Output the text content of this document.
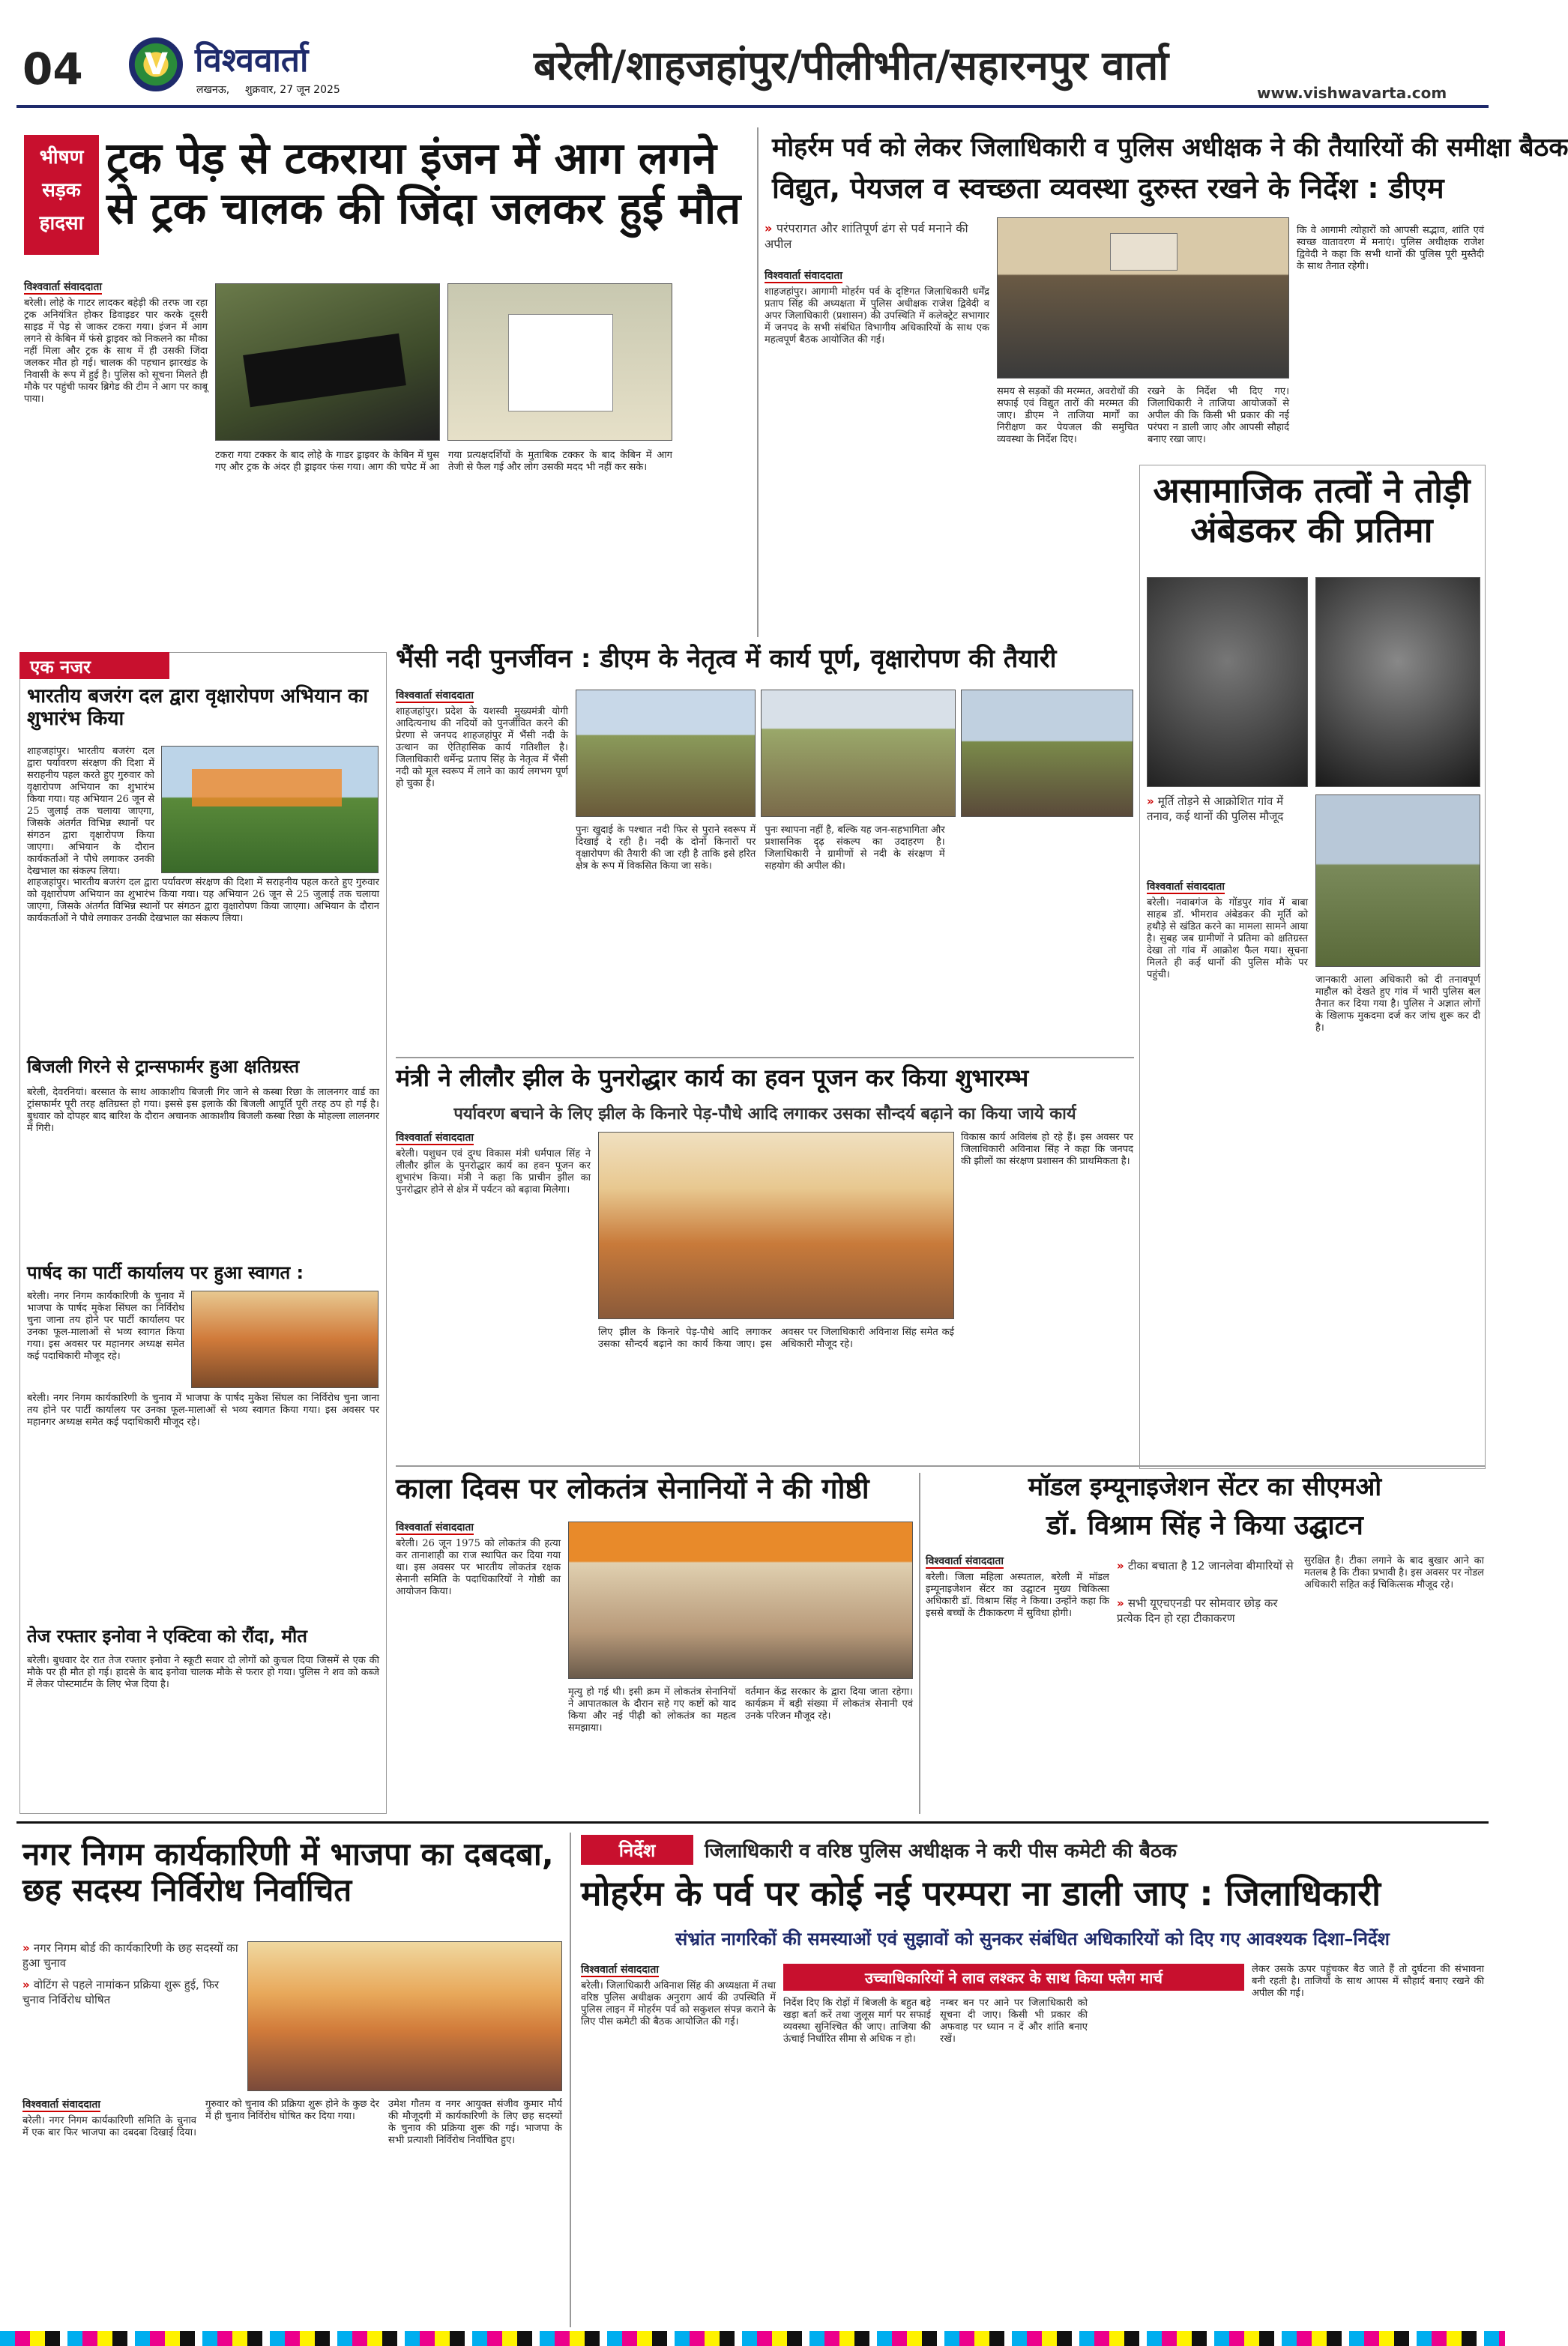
04 V विश्ववार्ता
लखनऊ, शुक्रवार, 27 जून 2025
बरेली/शाहजहांपुर/पीलीभीत/सहारनपुर वार्ता
www.vishwavarta.com
भीषण
सड़क
हादसा
ट्रक पेड़ से टकराया इंजन में आग लगने से ट्रक चालक की जिंदा जलकर हुई मौत
विश्ववार्ता संवाददाता

बरेली। लोहे के गाटर लादकर बहेड़ी की तरफ जा रहा ट्रक अनियंत्रित होकर डिवाइडर पार करके दूसरी साइड में पेड़ से जाकर टकरा गया। इंजन में आग लगने से केबिन में फंसे ड्राइवर को निकलने का मौका नहीं मिला और ट्रक के साथ में ही उसकी जिंदा जलकर मौत हो गई। चालक की पहचान झारखंड के निवासी के रूप में हुई है। पुलिस को सूचना मिलते ही मौके पर पहुंची फायर ब्रिगेड की टीम ने आग पर काबू पाया।

टकरा गया टक्कर के बाद लोहे के गाडर ड्राइवर के केबिन में घुस गए और ट्रक के अंदर ही ड्राइवर फंस गया। आग की चपेट में आ गया प्रत्यक्षदर्शियों के मुताबिक टक्कर के बाद केबिन में आग तेजी से फैल गई और लोग उसकी मदद भी नहीं कर सके।

मोहर्रम पर्व को लेकर जिलाधिकारी व पुलिस अधीक्षक ने की तैयारियों की समीक्षा बैठक
विद्युत, पेयजल व स्वच्छता व्यवस्था दुरुस्त रखने के निर्देश : डीएम
» परंपरागत और शांतिपूर्ण ढंग से पर्व मनाने की अपील
विश्ववार्ता संवाददाता

शाहजहांपुर। आगामी मोहर्रम पर्व के दृष्टिगत जिलाधिकारी धर्मेंद्र प्रताप सिंह की अध्यक्षता में पुलिस अधीक्षक राजेश द्विवेदी व अपर जिलाधिकारी (प्रशासन) की उपस्थिति में कलेक्ट्रेट सभागार में जनपद के सभी संबंधित विभागीय अधिकारियों के साथ एक महत्वपूर्ण बैठक आयोजित की गई।

समय से सड़कों की मरम्मत, अवरोधों की सफाई एवं विद्युत तारों की मरम्मत की जाए। डीएम ने ताजिया मार्गों का निरीक्षण कर पेयजल की समुचित व्यवस्था के निर्देश दिए।

रखने के निर्देश भी दिए गए। जिलाधिकारी ने ताजिया आयोजकों से अपील की कि किसी भी प्रकार की नई परंपरा न डाली जाए और आपसी सौहार्द बनाए रखा जाए।

कि वे आगामी त्योहारों को आपसी सद्भाव, शांति एवं स्वच्छ वातावरण में मनाएं। पुलिस अधीक्षक राजेश द्विवेदी ने कहा कि सभी थानों की पुलिस पूरी मुस्तैदी के साथ तैनात रहेगी।

असामाजिक तत्वों ने तोड़ी अंबेडकर की प्रतिमा
» मूर्ति तोड़ने से आक्रोशित गांव में तनाव, कई थानों की पुलिस मौजूद
विश्ववार्ता संवाददाता

बरेली। नवाबगंज के गोंडपुर गांव में बाबा साहब डॉ. भीमराव अंबेडकर की मूर्ति को हथौड़े से खंडित करने का मामला सामने आया है। सुबह जब ग्रामीणों ने प्रतिमा को क्षतिग्रस्त देखा तो गांव में आक्रोश फैल गया। सूचना मिलते ही कई थानों की पुलिस मौके पर पहुंची।	जानकारी आला अधिकारी को दी तनावपूर्ण माहौल को देखते हुए गांव में भारी पुलिस बल तैनात कर दिया गया है। पुलिस ने अज्ञात लोगों के खिलाफ मुकदमा दर्ज कर जांच शुरू कर दी है।

एक नजर
भारतीय बजरंग दल द्वारा वृक्षारोपण अभियान का शुभारंभ किया

शाहजहांपुर। भारतीय बजरंग दल द्वारा पर्यावरण संरक्षण की दिशा में सराहनीय पहल करते हुए गुरुवार को वृक्षारोपण अभियान का शुभारंभ किया गया। यह अभियान 26 जून से 25 जुलाई तक चलाया जाएगा, जिसके अंतर्गत विभिन्न स्थानों पर संगठन द्वारा वृक्षारोपण किया जाएगा। अभियान के दौरान कार्यकर्ताओं ने पौधे लगाकर उनकी देखभाल का संकल्प लिया।

शाहजहांपुर। भारतीय बजरंग दल द्वारा पर्यावरण संरक्षण की दिशा में सराहनीय पहल करते हुए गुरुवार को वृक्षारोपण अभियान का शुभारंभ किया गया। यह अभियान 26 जून से 25 जुलाई तक चलाया जाएगा, जिसके अंतर्गत विभिन्न स्थानों पर संगठन द्वारा वृक्षारोपण किया जाएगा। अभियान के दौरान कार्यकर्ताओं ने पौधे लगाकर उनकी देखभाल का संकल्प लिया।

बिजली गिरने से ट्रान्सफार्मर हुआ क्षतिग्रस्त

बरेली, देवरनियां। बरसात के साथ आकाशीय बिजली गिर जाने से कस्बा रिछा के लालनगर वार्ड का ट्रांसफार्मर पूरी तरह क्षतिग्रस्त हो गया। इससे इस इलाके की बिजली आपूर्ति पूरी तरह ठप हो गई है। बुधवार को दोपहर बाद बारिश के दौरान अचानक आकाशीय बिजली कस्बा रिछा के मोहल्ला लालनगर में गिरी।

पार्षद का पार्टी कार्यालय पर हुआ स्वागत :

बरेली। नगर निगम कार्यकारिणी के चुनाव में भाजपा के पार्षद मुकेश सिंघल का निर्विरोध चुना जाना तय होने पर पार्टी कार्यालय पर उनका फूल-मालाओं से भव्य स्वागत किया गया। इस अवसर पर महानगर अध्यक्ष समेत कई पदाधिकारी मौजूद रहे।

बरेली। नगर निगम कार्यकारिणी के चुनाव में भाजपा के पार्षद मुकेश सिंघल का निर्विरोध चुना जाना तय होने पर पार्टी कार्यालय पर उनका फूल-मालाओं से भव्य स्वागत किया गया। इस अवसर पर महानगर अध्यक्ष समेत कई पदाधिकारी मौजूद रहे।

तेज रफ्तार इनोवा ने एक्टिवा को रौंदा, मौत

बरेली। बुधवार देर रात तेज रफ्तार इनोवा ने स्कूटी सवार दो लोगों को कुचल दिया जिसमें से एक की मौके पर ही मौत हो गई। हादसे के बाद इनोवा चालक मौके से फरार हो गया। पुलिस ने शव को कब्जे में लेकर पोस्टमार्टम के लिए भेज दिया है।

भैंसी नदी पुनर्जीवन : डीएम के नेतृत्व में कार्य पूर्ण, वृक्षारोपण की तैयारी
विश्ववार्ता संवाददाता

शाहजहांपुर। प्रदेश के यशस्वी मुख्यमंत्री योगी आदित्यनाथ की नदियों को पुनर्जीवित करने की प्रेरणा से जनपद शाहजहांपुर में भैंसी नदी के उत्थान का ऐतिहासिक कार्य गतिशील है। जिलाधिकारी धर्मेन्द्र प्रताप सिंह के नेतृत्व में भैंसी नदी को मूल स्वरूप में लाने का कार्य लगभग पूर्ण हो चुका है।

पुनः खुदाई के पश्चात नदी फिर से पुराने स्वरूप में दिखाई दे रही है। नदी के दोनों किनारों पर वृक्षारोपण की तैयारी की जा रही है ताकि इसे हरित क्षेत्र के रूप में विकसित किया जा सके।

पुनः स्थापना नहीं है, बल्कि यह जन-सहभागिता और प्रशासनिक दृढ़ संकल्प का उदाहरण है। जिलाधिकारी ने ग्रामीणों से नदी के संरक्षण में सहयोग की अपील की।

मंत्री ने लीलौर झील के पुनरोद्धार कार्य का हवन पूजन कर किया शुभारम्भ
पर्यावरण बचाने के लिए झील के किनारे पेड़-पौधे आदि लगाकर उसका सौन्दर्य बढ़ाने का किया जाये कार्य
विश्ववार्ता संवाददाता

बरेली। पशुधन एवं दुग्ध विकास मंत्री धर्मपाल सिंह ने लीलौर झील के पुनरोद्धार कार्य का हवन पूजन कर शुभारंभ किया। मंत्री ने कहा कि प्राचीन झील का पुनरोद्धार होने से क्षेत्र में पर्यटन को बढ़ावा मिलेगा।

लिए झील के किनारे पेड़-पौधे आदि लगाकर उसका सौन्दर्य बढ़ाने का कार्य किया जाए। इस अवसर पर जिलाधिकारी अविनाश सिंह समेत कई अधिकारी मौजूद रहे।

विकास कार्य अविलंब हो रहे हैं। इस अवसर पर जिलाधिकारी अविनाश सिंह ने कहा कि जनपद की झीलों का संरक्षण प्रशासन की प्राथमिकता है।

काला दिवस पर लोकतंत्र सेनानियों ने की गोष्ठी
विश्ववार्ता संवाददाता

बरेली। 26 जून 1975 को लोकतंत्र की हत्या कर तानाशाही का राज स्थापित कर दिया गया था। इस अवसर पर भारतीय लोकतंत्र रक्षक सेनानी समिति के पदाधिकारियों ने गोष्ठी का आयोजन किया।

मृत्यु हो गई थी। इसी क्रम में लोकतंत्र सेनानियों ने आपातकाल के दौरान सहे गए कष्टों को याद किया और नई पीढ़ी को लोकतंत्र का महत्व समझाया।

वर्तमान केंद्र सरकार के द्वारा दिया जाता रहेगा। कार्यक्रम में बड़ी संख्या में लोकतंत्र सेनानी एवं उनके परिजन मौजूद रहे।

मॉडल इम्यूनाइजेशन सेंटर का सीएमओ
डॉ. विश्राम सिंह ने किया उद्घाटन
विश्ववार्ता संवाददाता

बरेली। जिला महिला अस्पताल, बरेली में मॉडल इम्यूनाइजेशन सेंटर का उद्घाटन मुख्य चिकित्सा अधिकारी डॉ. विश्राम सिंह ने किया। उन्होंने कहा कि इससे बच्चों के टीकाकरण में सुविधा होगी।

» टीका बचाता है 12 जानलेवा बीमारियों से
» सभी यूएचएनडी पर सोमवार छोड़ कर प्रत्येक दिन हो रहा टीकाकरण

सुरक्षित है। टीका लगाने के बाद बुखार आने का मतलब है कि टीका प्रभावी है। इस अवसर पर नोडल अधिकारी सहित कई चिकित्सक मौजूद रहे।

नगर निगम कार्यकारिणी में भाजपा का दबदबा, छह सदस्य निर्विरोध निर्वाचित
» नगर निगम बोर्ड की कार्यकारिणी के छह सदस्यों का हुआ चुनाव
» वोटिंग से पहले नामांकन प्रक्रिया शुरू हुई, फिर चुनाव निर्विरोध घोषित
विश्ववार्ता संवाददाता

बरेली। नगर निगम कार्यकारिणी समिति के चुनाव में एक बार फिर भाजपा का दबदबा दिखाई दिया। गुरुवार को चुनाव की प्रक्रिया शुरू होने के कुछ देर में ही चुनाव निर्विरोध घोषित कर दिया गया।

उमेश गौतम व नगर आयुक्त संजीव कुमार मौर्य की मौजूदगी में कार्यकारिणी के लिए छह सदस्यों के चुनाव की प्रक्रिया शुरू की गई। भाजपा के सभी प्रत्याशी निर्विरोध निर्वाचित हुए।

निर्देश	जिलाधिकारी व वरिष्ठ पुलिस अधीक्षक ने करी पीस कमेटी की बैठक
मोहर्रम के पर्व पर कोई नई परम्परा ना डाली जाए : जिलाधिकारी
संभ्रांत नागरिकों की समस्याओं एवं सुझावों को सुनकर संबंधित अधिकारियों को दिए गए आवश्यक दिशा–निर्देश
विश्ववार्ता संवाददाता

बरेली। जिलाधिकारी अविनाश सिंह की अध्यक्षता में तथा वरिष्ठ पुलिस अधीक्षक अनुराग आर्य की उपस्थिति में पुलिस लाइन में मोहर्रम पर्व को सकुशल संपन्न कराने के लिए पीस कमेटी की बैठक आयोजित की गई।

उच्चाधिकारियों ने लाव लश्कर के साथ किया फ्लैग मार्च

निर्देश दिए कि रोड़ों में बिजली के बहुत बड़े खड़ा बर्ता करें तथा जुलूस मार्ग पर सफाई व्यवस्था सुनिश्चित की जाए। ताजिया की ऊंचाई निर्धारित सीमा से अधिक न हो।

नम्बर बन पर आने पर जिलाधिकारी को सूचना दी जाए। किसी भी प्रकार की अफवाह पर ध्यान न दें और शांति बनाए रखें।

लेकर उसके ऊपर पहुंचकर बैठ जाते हैं तो दुर्घटना की संभावना बनी रहती है। ताजियों के साथ आपस में सौहार्द बनाए रखने की अपील की गई।
